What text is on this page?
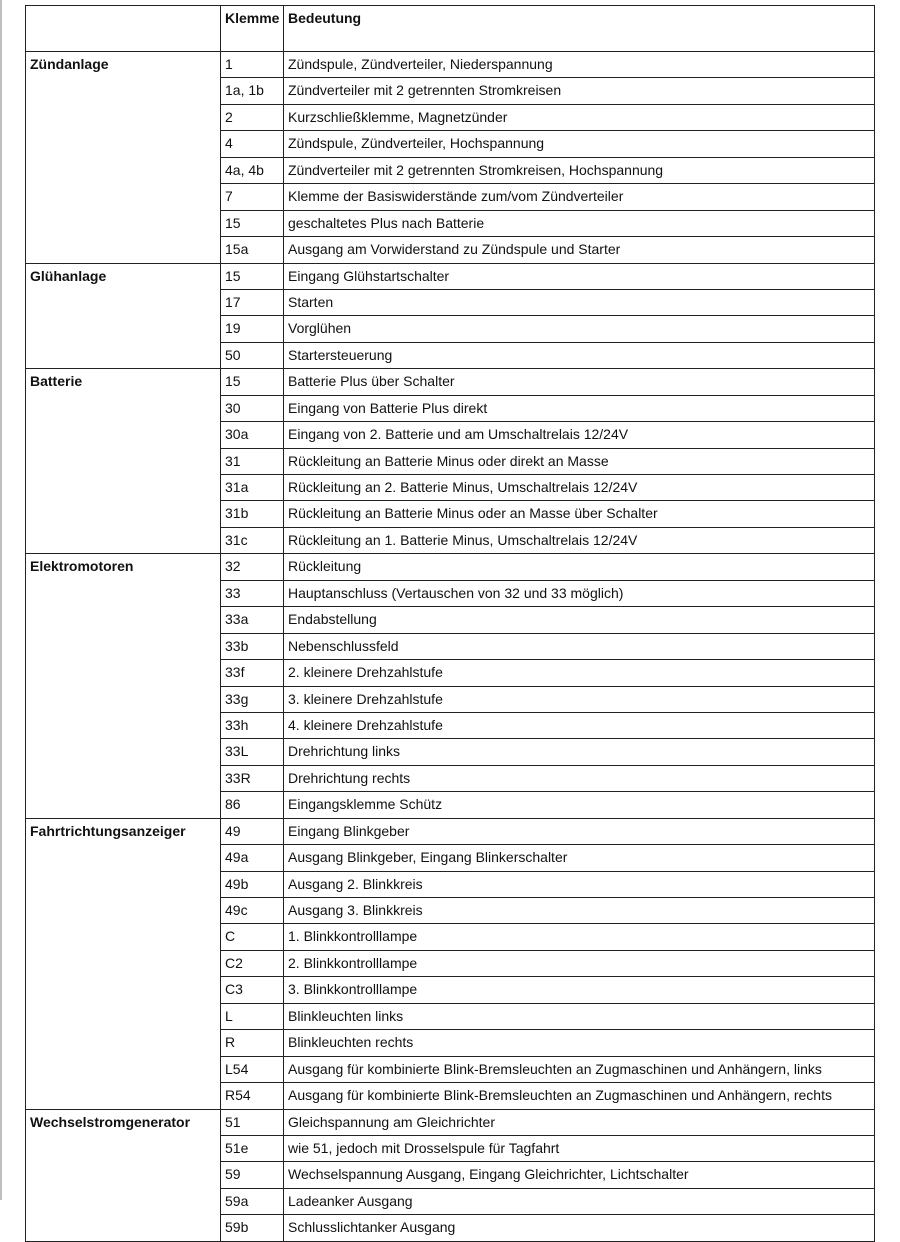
	Klemme	Bedeutung
Zündanlage	1	Zündspule, Zündverteiler, Niederspannung
	1a, 1b	Zündverteiler mit 2 getrennten Stromkreisen
	2	Kurzschließklemme, Magnetzünder
	4	Zündspule, Zündverteiler, Hochspannung
	4a, 4b	Zündverteiler mit 2 getrennten Stromkreisen, Hochspannung
	7	Klemme der Basiswiderstände zum/vom Zündverteiler
	15	geschaltetes Plus nach Batterie
	15a	Ausgang am Vorwiderstand zu Zündspule und Starter
Glühanlage	15	Eingang Glühstartschalter
	17	Starten
	19	Vorglühen
	50	Startersteuerung
Batterie	15	Batterie Plus über Schalter
	30	Eingang von Batterie Plus direkt
	30a	Eingang von 2. Batterie und am Umschaltrelais 12/24V
	31	Rückleitung an Batterie Minus oder direkt an Masse
	31a	Rückleitung an 2. Batterie Minus, Umschaltrelais 12/24V
	31b	Rückleitung an Batterie Minus oder an Masse über Schalter
	31c	Rückleitung an 1. Batterie Minus, Umschaltrelais 12/24V
Elektromotoren	32	Rückleitung
	33	Hauptanschluss (Vertauschen von 32 und 33 möglich)
	33a	Endabstellung
	33b	Nebenschlussfeld
	33f	2. kleinere Drehzahlstufe
	33g	3. kleinere Drehzahlstufe
	33h	4. kleinere Drehzahlstufe
	33L	Drehrichtung links
	33R	Drehrichtung rechts
	86	Eingangsklemme Schütz
Fahrtrichtungsanzeiger	49	Eingang Blinkgeber
	49a	Ausgang Blinkgeber, Eingang Blinkerschalter
	49b	Ausgang 2. Blinkkreis
	49c	Ausgang 3. Blinkkreis
	C	1. Blinkkontrolllampe
	C2	2. Blinkkontrolllampe
	C3	3. Blinkkontrolllampe
	L	Blinkleuchten links
	R	Blinkleuchten rechts
	L54	Ausgang für kombinierte Blink-Bremsleuchten an Zugmaschinen und Anhängern, links
	R54	Ausgang für kombinierte Blink-Bremsleuchten an Zugmaschinen und Anhängern, rechts
Wechselstromgenerator	51	Gleichspannung am Gleichrichter
	51e	wie 51, jedoch mit Drosselspule für Tagfahrt
	59	Wechselspannung Ausgang, Eingang Gleichrichter, Lichtschalter
	59a	Ladeanker Ausgang
	59b	Schlusslichtanker Ausgang
